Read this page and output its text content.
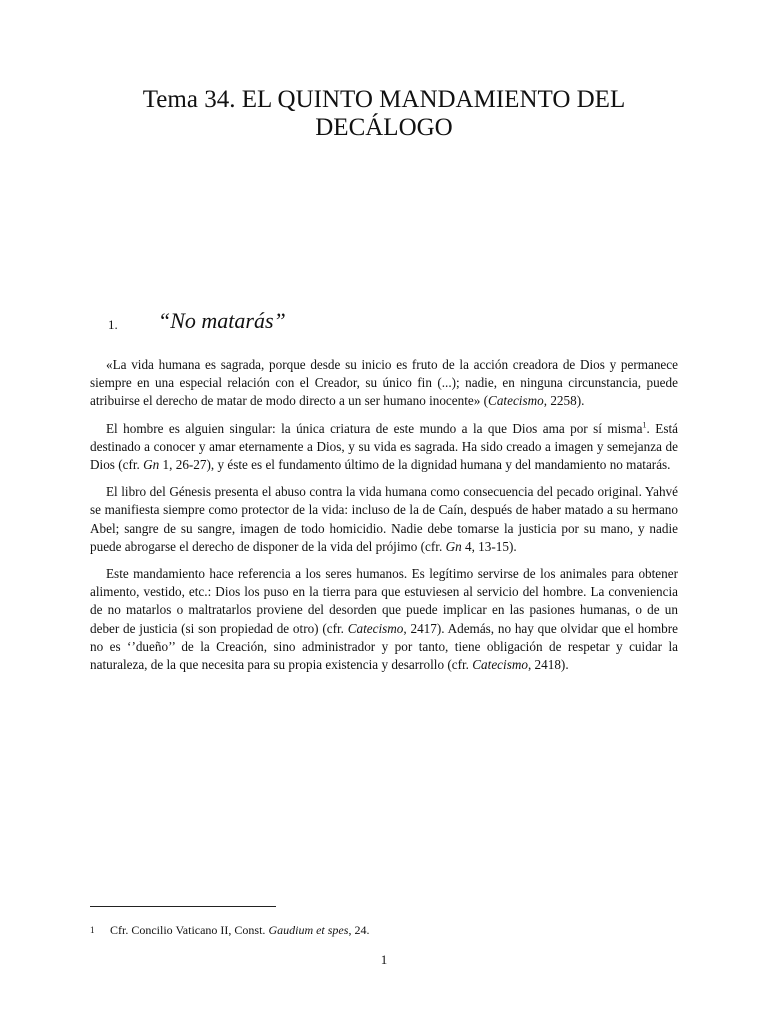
Tema 34. EL QUINTO MANDAMIENTO DEL DECÁLOGO
1. “No matarás”

«La vida humana es sagrada, porque desde su inicio es fruto de la acción creadora de Dios y permanece siempre en una especial relación con el Creador, su único fin (...); nadie, en ninguna circunstancia, puede atribuirse el derecho de matar de modo directo a un ser humano inocente» (Catecismo, 2258).

El hombre es alguien singular: la única criatura de este mundo a la que Dios ama por sí misma$^1$. Está destinado a conocer y amar eternamente a Dios, y su vida es sagrada. Ha sido creado a imagen y semejanza de Dios (cfr. Gn 1, 26-27), y éste es el fundamento último de la dignidad humana y del mandamiento no matarás.

El libro del Génesis presenta el abuso contra la vida humana como consecuencia del pecado original. Yahvé se manifiesta siempre como protector de la vida: incluso de la de Caín, después de haber matado a su hermano Abel; sangre de su sangre, imagen de todo homicidio. Nadie debe tomarse la justicia por su mano, y nadie puede abrogarse el derecho de disponer de la vida del prójimo (cfr. Gn 4, 13-15).

Este mandamiento hace referencia a los seres humanos. Es legítimo servirse de los animales para obtener alimento, vestido, etc.: Dios los puso en la tierra para que estuviesen al servicio del hombre. La conveniencia de no matarlos o maltratarlos proviene del desorden que puede implicar en las pasiones humanas, o de un deber de justicia (si son propiedad de otro) (cfr. Catecismo, 2417). Además, no hay que olvidar que el hombre no es ‘’dueño’’ de la Creación, sino administrador y por tanto, tiene obligación de respetar y cuidar la naturaleza, de la que necesita para su propia existencia y desarrollo (cfr. Catecismo, 2418).

1 Cfr. Concilio Vaticano II, Const. Gaudium et spes, 24.
1
